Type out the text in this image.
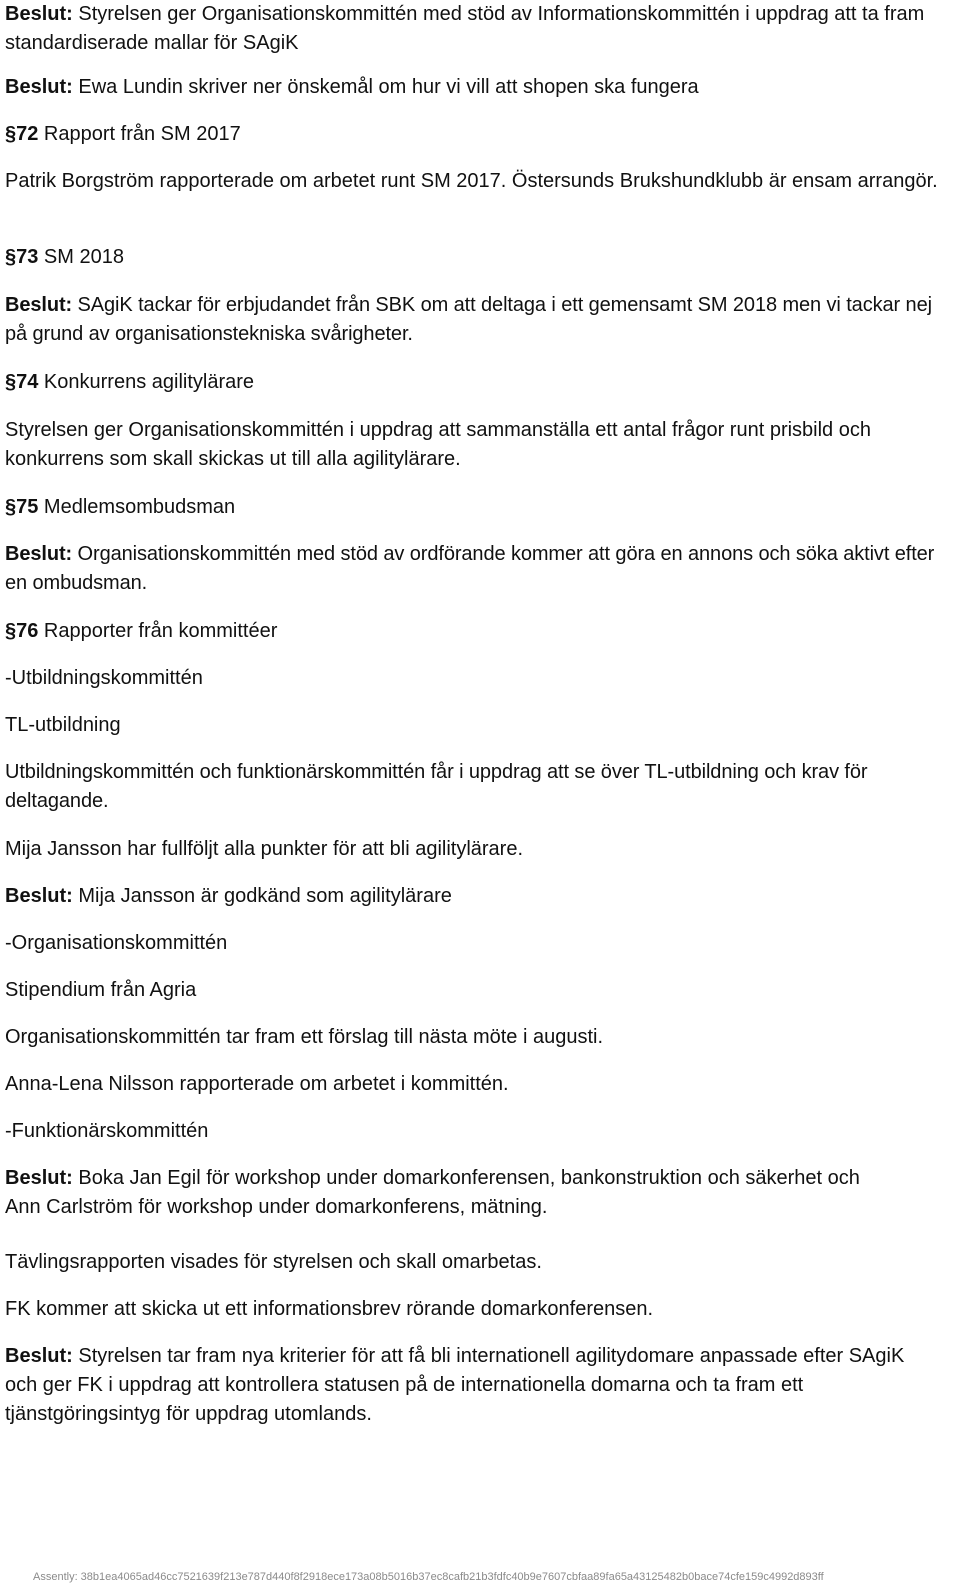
Beslut: Styrelsen ger Organisationskommittén med stöd av Informationskommittén i uppdrag att ta fram standardiserade mallar för SAgiK

Beslut: Ewa Lundin skriver ner önskemål om hur vi vill att shopen ska fungera

§72 Rapport från SM 2017

Patrik Borgström rapporterade om arbetet runt SM 2017. Östersunds Brukshundklubb är ensam arrangör.

§73 SM 2018

Beslut: SAgiK tackar för erbjudandet från SBK om att deltaga i ett gemensamt SM 2018 men vi tackar nej på grund av organisationstekniska svårigheter.

§74 Konkurrens agilitylärare

Styrelsen ger Organisationskommittén i uppdrag att sammanställa ett antal frågor runt prisbild och konkurrens som skall skickas ut till alla agilitylärare.

§75 Medlemsombudsman

Beslut: Organisationskommittén med stöd av ordförande kommer att göra en annons och söka aktivt efter en ombudsman.

§76 Rapporter från kommittéer

-Utbildningskommittén

TL-utbildning

Utbildningskommittén och funktionärskommittén får i uppdrag att se över TL-utbildning och krav för deltagande.

Mija Jansson har fullföljt alla punkter för att bli agilitylärare.

Beslut: Mija Jansson är godkänd som agilitylärare

-Organisationskommittén

Stipendium från Agria

Organisationskommittén tar fram ett förslag till nästa möte i augusti.

Anna-Lena Nilsson rapporterade om arbetet i kommittén.

-Funktionärskommittén

Beslut: Boka Jan Egil för workshop under domarkonferensen, bankonstruktion och säkerhet och Ann Carlström för workshop under domarkonferens, mätning.

Tävlingsrapporten visades för styrelsen och skall omarbetas.

FK kommer att skicka ut ett informationsbrev rörande domarkonferensen.

Beslut: Styrelsen tar fram nya kriterier för att få bli internationell agilitydomare anpassade efter SAgiK och ger FK i uppdrag att kontrollera statusen på de internationella domarna och ta fram ett tjänstgöringsintyg för uppdrag utomlands.

Assently: 38b1ea4065ad46cc7521639f213e787d440f8f2918ece173a08b5016b37ec8cafb21b3fdfc40b9e7607cbfaa89fa65a43125482b0bace74cfe159c4992d893ff
